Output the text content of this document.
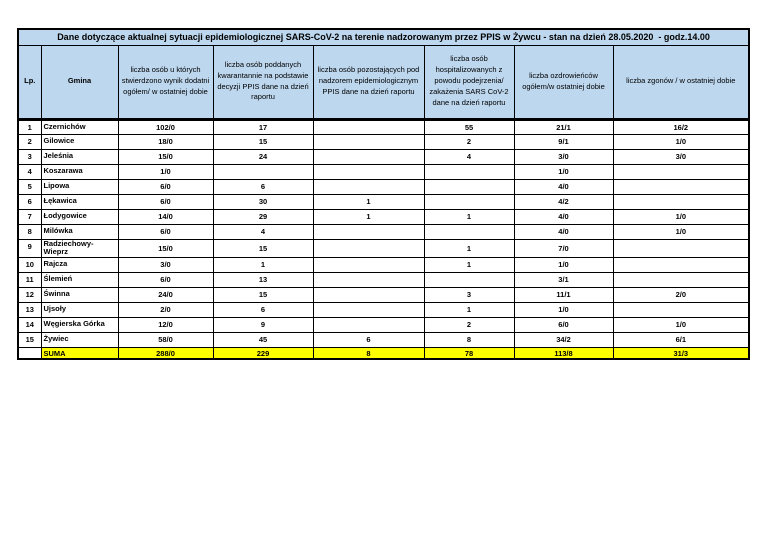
Dane dotyczące aktualnej sytuacji epidemiologicznej SARS-CoV-2 na terenie nadzorowanym przez PPIS w Żywcu - stan na dzień 28.05.2020  - godz.14.00							
Lp.	Gmina	liczba osób u których stwierdzono wynik dodatni ogółem/ w ostatniej dobie	liczba osób poddanych kwarantannie na podstawie decyzji PPIS dane na dzień raportu	liczba osób pozostających pod nadzorem epidemiologicznym PPIS dane na dzień raportu	liczba osób hospitalizowanych z powodu podejrzenia/ zakażenia SARS CoV-2 dane na dzień raportu	liczba ozdrowieńców ogółem/w ostatniej dobie	liczba zgonów / w ostatniej dobie
1	Czernichów	102/0	17		55	21/1	16/2
2	Gilowice	18/0	15		2	9/1	1/0
3	Jeleśnia	15/0	24		4	3/0	3/0
4	Koszarawa	1/0				1/0	
5	Lipowa	6/0	6			4/0	
6	Łękawica	6/0	30	1		4/2	
7	Łodygowice	14/0	29	1	1	4/0	1/0
8	Milówka	6/0	4			4/0	1/0
9	Radziechowy-Wieprz	15/0	15		1	7/0	
10	Rajcza	3/0	1		1	1/0	
11	Ślemień	6/0	13			3/1	
12	Świnna	24/0	15		3	11/1	2/0
13	Ujsoły	2/0	6		1	1/0	
14	Węgierska Górka	12/0	9		2	6/0	1/0
15	Żywiec	58/0	45	6	8	34/2	6/1
	SUMA	288/0	229	8	78	113/8	31/3
